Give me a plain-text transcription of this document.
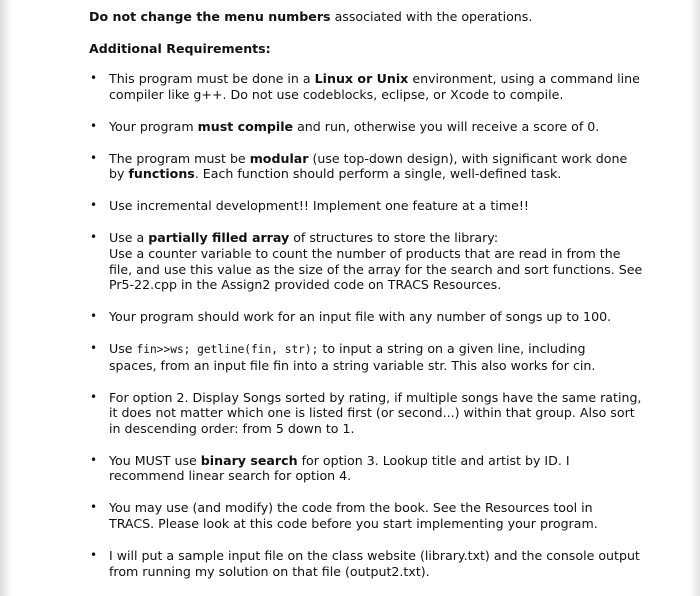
Do not change the menu numbers associated with the operations.

Additional Requirements:

• This program must be done in a Linux or Unix environment, using a command line
compiler like g++. Do not use codeblocks, eclipse, or Xcode to compile.
• Your program must compile and run, otherwise you will receive a score of 0.
• The program must be modular (use top-down design), with significant work done
by functions. Each function should perform a single, well-defined task.
• Use incremental development!! Implement one feature at a time!!
• Use a partially filled array of structures to store the library:
Use a counter variable to count the number of products that are read in from the
file, and use this value as the size of the array for the search and sort functions. See
Pr5-22.cpp in the Assign2 provided code on TRACS Resources.
• Your program should work for an input file with any number of songs up to 100.
• Use fin>>ws; getline(fin, str); to input a string on a given line, including
spaces, from an input file fin into a string variable str. This also works for cin.
• For option 2. Display Songs sorted by rating, if multiple songs have the same rating,
it does not matter which one is listed first (or second...) within that group. Also sort
in descending order: from 5 down to 1.
• You MUST use binary search for option 3. Lookup title and artist by ID. I
recommend linear search for option 4.
• You may use (and modify) the code from the book. See the Resources tool in
TRACS. Please look at this code before you start implementing your program.
• I will put a sample input file on the class website (library.txt) and the console output
from running my solution on that file (output2.txt).
